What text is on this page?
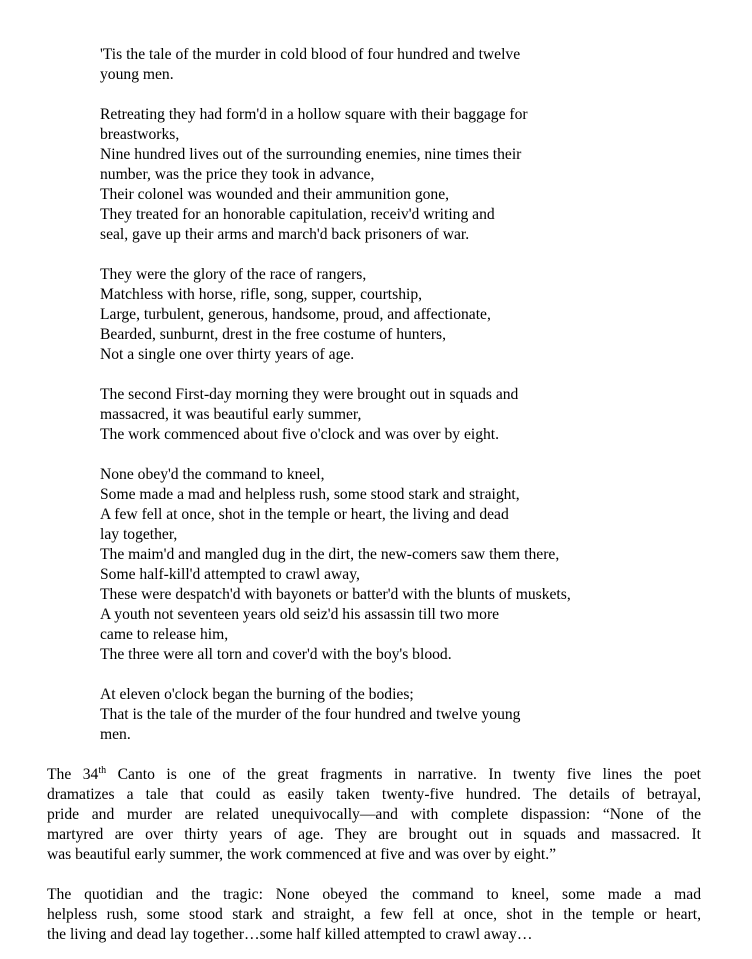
'Tis the tale of the murder in cold blood of four hundred and twelve
young men.
Retreating they had form'd in a hollow square with their baggage for
breastworks,
Nine hundred lives out of the surrounding enemies, nine times their
number, was the price they took in advance,
Their colonel was wounded and their ammunition gone,
They treated for an honorable capitulation, receiv'd writing and
seal, gave up their arms and march'd back prisoners of war.
They were the glory of the race of rangers,
Matchless with horse, rifle, song, supper, courtship,
Large, turbulent, generous, handsome, proud, and affectionate,
Bearded, sunburnt, drest in the free costume of hunters,
Not a single one over thirty years of age.
The second First-day morning they were brought out in squads and
massacred, it was beautiful early summer,
The work commenced about five o'clock and was over by eight.
None obey'd the command to kneel,
Some made a mad and helpless rush, some stood stark and straight,
A few fell at once, shot in the temple or heart, the living and dead
lay together,
The maim'd and mangled dug in the dirt, the new-comers saw them there,
Some half-kill'd attempted to crawl away,
These were despatch'd with bayonets or batter'd with the blunts of muskets,
A youth not seventeen years old seiz'd his assassin till two more
came to release him,
The three were all torn and cover'd with the boy's blood.
At eleven o'clock began the burning of the bodies;
That is the tale of the murder of the four hundred and twelve young
men.
The 34th Canto is one of the great fragments in narrative. In twenty five lines the poet
dramatizes a tale that could as easily taken twenty-five hundred. The details of betrayal,
pride and murder are related unequivocally—and with complete dispassion: “None of the
martyred are over thirty years of age. They are brought out in squads and massacred. It
was beautiful early summer, the work commenced at five and was over by eight.”
The quotidian and the tragic: None obeyed the command to kneel, some made a mad
helpless rush, some stood stark and straight, a few fell at once, shot in the temple or heart,
the living and dead lay together…some half killed attempted to crawl away…
